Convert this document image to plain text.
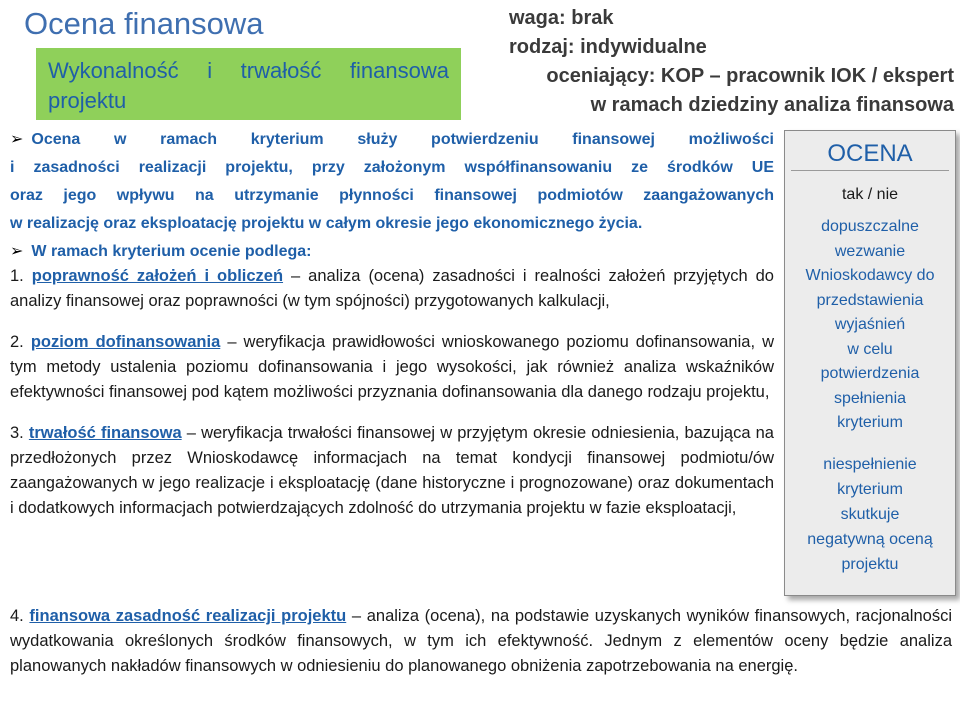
Ocena finansowa
Wykonalność i trwałość finansowa
projektu
waga: brak
rodzaj: indywidualne
oceniający: KOP – pracownik IOK / ekspert
w ramach dziedziny analiza finansowa

➢ Ocena w ramach kryterium służy potwierdzeniu finansowej możliwości

i zasadności realizacji projektu, przy założonym współfinansowaniu ze środków UE

oraz jego wpływu na utrzymanie płynności finansowej podmiotów zaangażowanych

w realizację oraz eksploatację projektu w całym okresie jego ekonomicznego życia.

➢ W ramach kryterium ocenie podlega:

1. poprawność założeń i obliczeń – analiza (ocena) zasadności i realności założeń przyjętych do analizy finansowej oraz poprawności (w tym spójności) przygotowanych kalkulacji,

2. poziom dofinansowania – weryfikacja prawidłowości wnioskowanego poziomu dofinansowania, w tym metody ustalenia poziomu dofinansowania i jego wysokości, jak również analiza wskaźników efektywności finansowej pod kątem możliwości przyznania dofinansowania dla danego rodzaju projektu,

3. trwałość finansowa – weryfikacja trwałości finansowej w przyjętym okresie odniesienia, bazująca na przedłożonych przez Wnioskodawcę informacjach na temat kondycji finansowej podmiotu/ów zaangażowanych w jego realizacje i eksploatację (dane historyczne i prognozowane) oraz dokumentach i dodatkowych informacjach potwierdzających zdolność do utrzymania projektu w fazie eksploatacji,

4. finansowa zasadność realizacji projektu – analiza (ocena), na podstawie uzyskanych wyników finansowych, racjonalności wydatkowania określonych środków finansowych, w tym ich efektywność. Jednym z elementów oceny będzie analiza planowanych nakładów finansowych w odniesieniu do planowanego obniżenia zapotrzebowania na energię.

OCENA
tak / nie
dopuszczalne
wezwanie
Wnioskodawcy do
przedstawienia
wyjaśnień
w celu
potwierdzenia
spełnienia
kryterium
niespełnienie
kryterium
skutkuje
negatywną oceną
projektu
